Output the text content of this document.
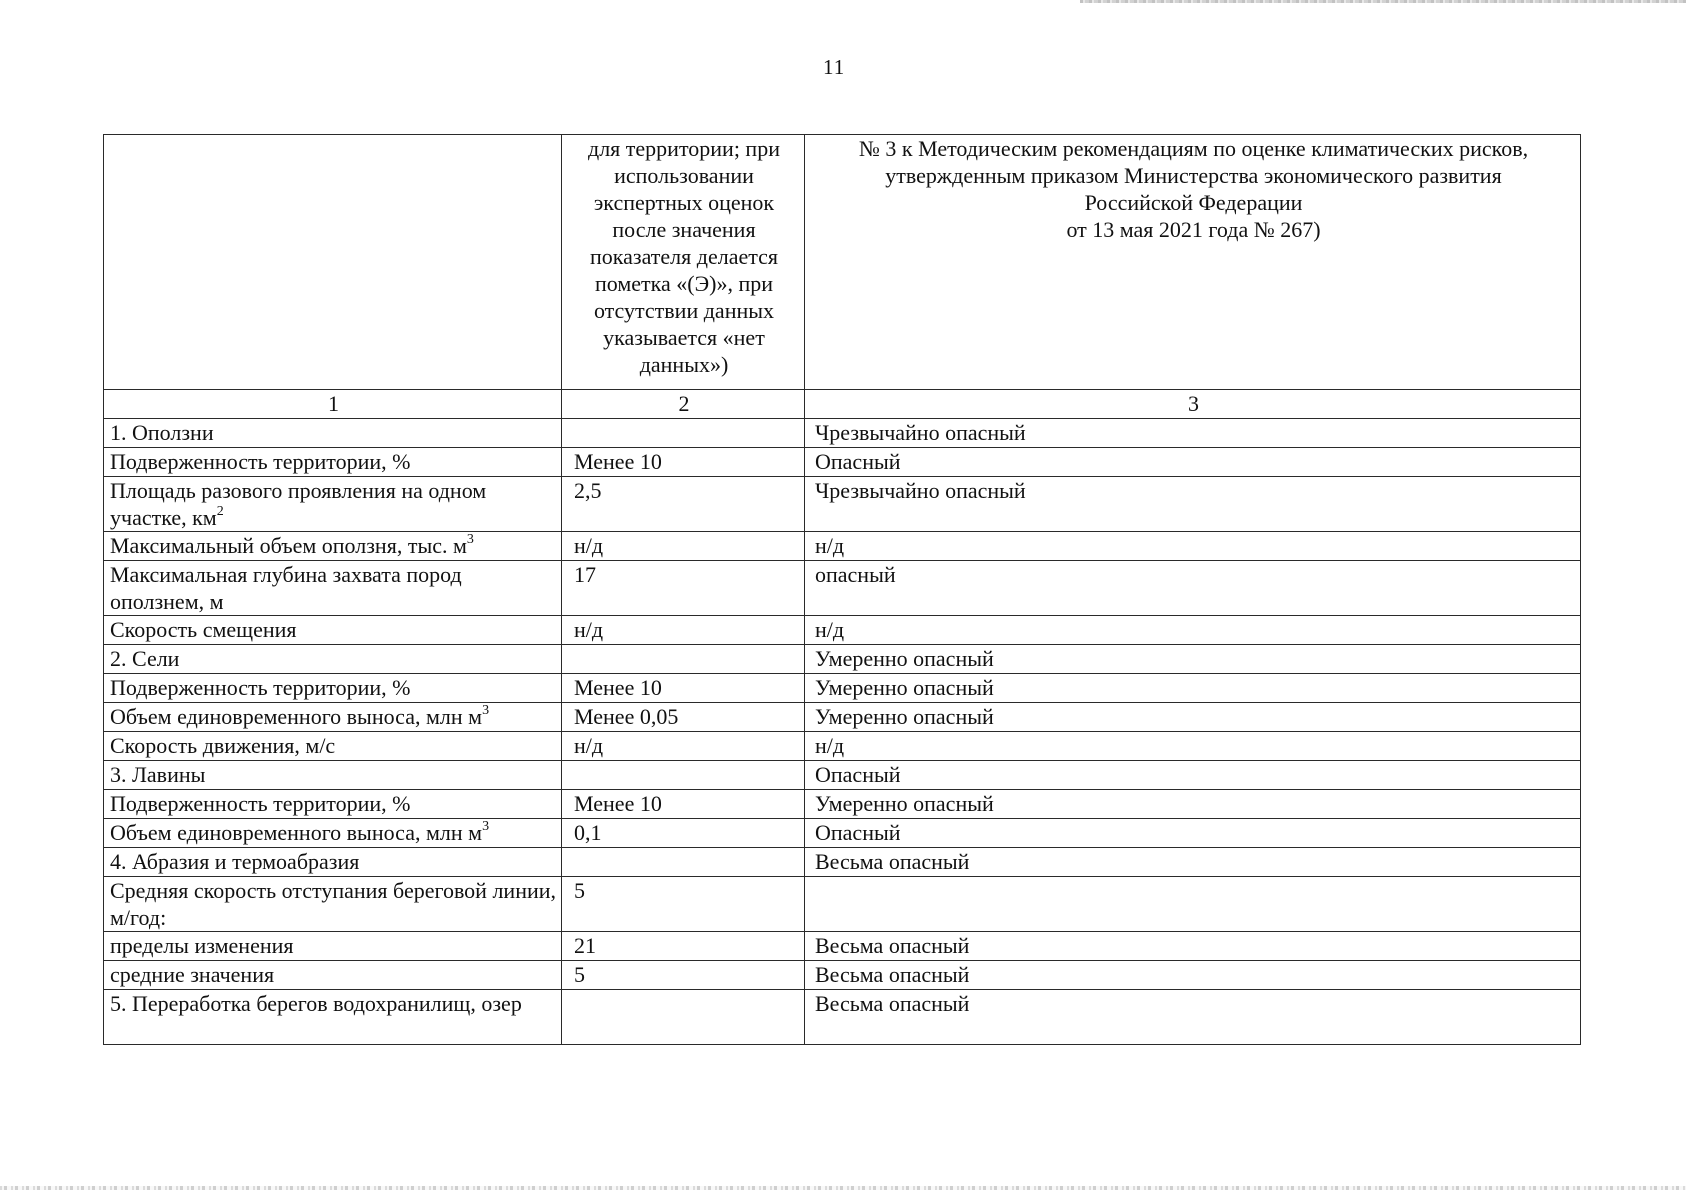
11
	для территории; при использовании экспертных оценок после значения показателя делается пометка «(Э)», при отсутствии данных указывается «нет данных»)	№ 3 к Методическим рекомендациям по оценке климатических рисков,
утвержденным приказом Министерства экономического развития
Российской Федерации
от 13 мая 2021 года № 267)

1	2	3
1. Оползни		Чрезвычайно опасный
Подверженность территории, %	Менее 10	Опасный
Площадь разового проявления на одном участке, $км^2$	2,5	Чрезвычайно опасный
Максимальный объем оползня, тыс. $м^3$	н/д	н/д
Максимальная глубина захвата пород оползнем, м	17	опасный
Скорость смещения	н/д	н/д
2. Сели		Умеренно опасный
Подверженность территории, %	Менее 10	Умеренно опасный
Объем единовременного выноса, млн $м^3$	Менее 0,05	Умеренно опасный
Скорость движения, м/с	н/д	н/д
3. Лавины		Опасный
Подверженность территории, %	Менее 10	Умеренно опасный
Объем единовременного выноса, млн $м^3$	0,1	Опасный
4. Абразия и термоабразия		Весьма опасный
Средняя скорость отступания береговой линии, м/год:	5	
пределы изменения	21	Весьма опасный
средние значения	5	Весьма опасный
5. Переработка берегов водохранилищ, озер		Весьма опасный
